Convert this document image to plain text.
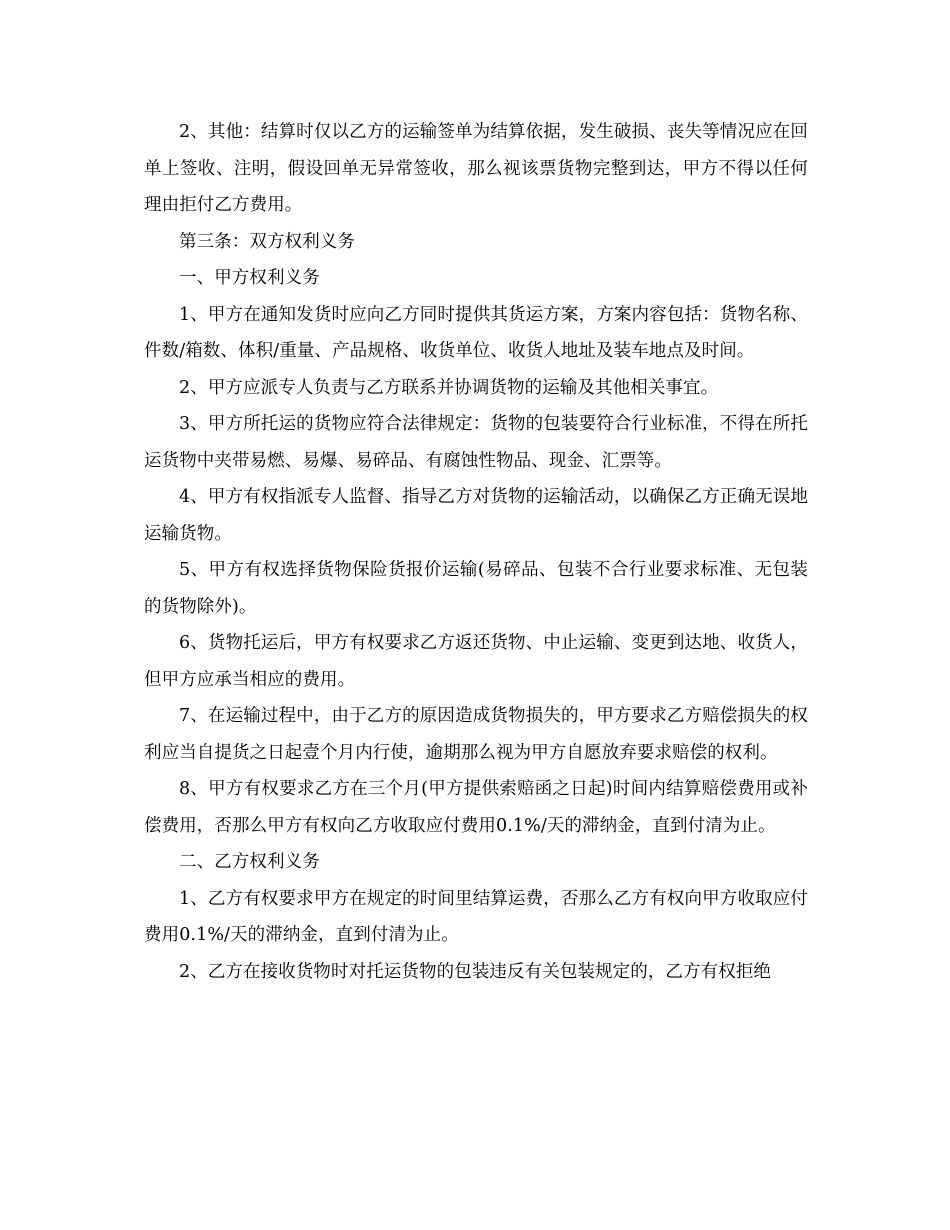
2、其他：结算时仅以乙方的运输签单为结算依据，发生破损、丧失等情况应在回单上签收、注明，假设回单无异常签收，那么视该票货物完整到达，甲方不得以任何理由拒付乙方费用。

第三条：双方权利义务

一、甲方权利义务

1、甲方在通知发货时应向乙方同时提供其货运方案，方案内容包括：货物名称、件数/箱数、体积/重量、产品规格、收货单位、收货人地址及装车地点及时间。

2、甲方应派专人负责与乙方联系并协调货物的运输及其他相关事宜。

3、甲方所托运的货物应符合法律规定：货物的包装要符合行业标准，不得在所托运货物中夹带易燃、易爆、易碎品、有腐蚀性物品、现金、汇票等。

4、甲方有权指派专人监督、指导乙方对货物的运输活动，以确保乙方正确无误地运输货物。

5、甲方有权选择货物保险货报价运输(易碎品、包装不合行业要求标准、无包装的货物除外)。

6、货物托运后，甲方有权要求乙方返还货物、中止运输、变更到达地、收货人，但甲方应承当相应的费用。

7、在运输过程中，由于乙方的原因造成货物损失的，甲方要求乙方赔偿损失的权利应当自提货之日起壹个月内行使，逾期那么视为甲方自愿放弃要求赔偿的权利。

8、甲方有权要求乙方在三个月(甲方提供索赔函之日起)时间内结算赔偿费用或补偿费用，否那么甲方有权向乙方收取应付费用0.1%/天的滞纳金，直到付清为止。

二、乙方权利义务

1、乙方有权要求甲方在规定的时间里结算运费，否那么乙方有权向甲方收取应付费用0.1%/天的滞纳金，直到付清为止。

2、乙方在接收货物时对托运货物的包装违反有关包装规定的，乙方有权拒绝
